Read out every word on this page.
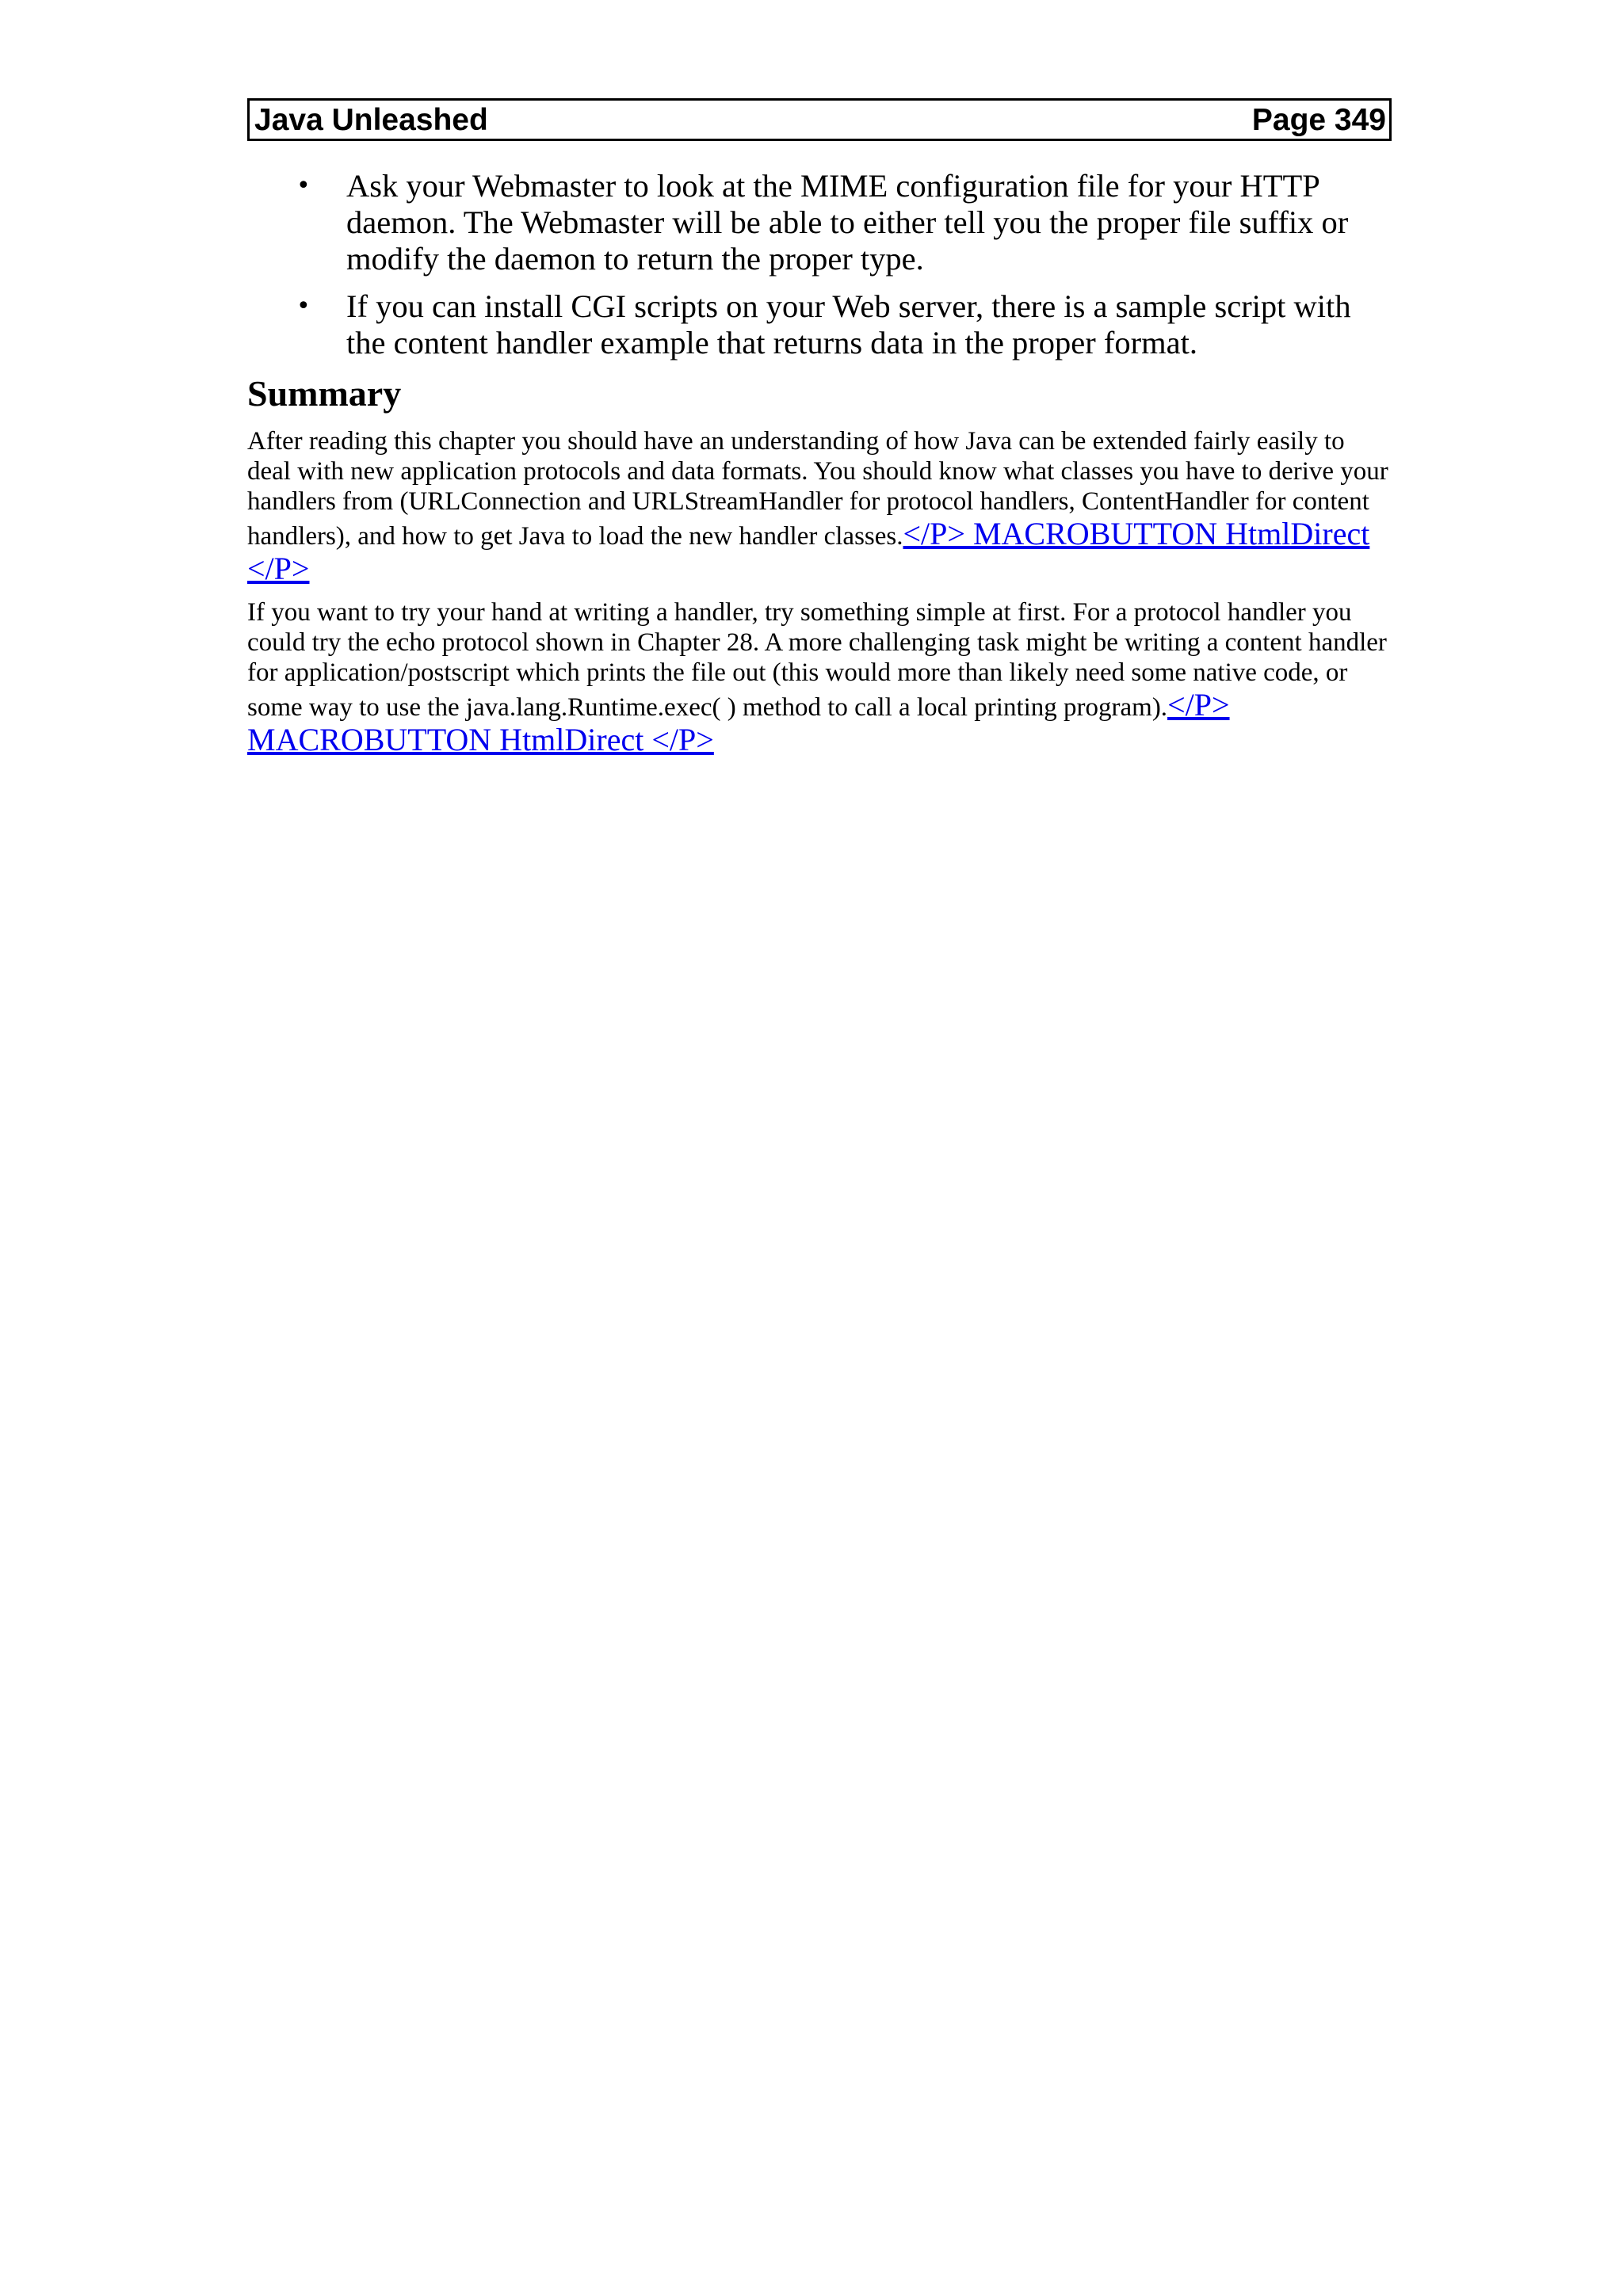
Java Unleashed	Page 349
• Ask your Webmaster to look at the MIME configuration file for your HTTP daemon. The Webmaster will be able to either tell you the proper file suffix or modify the daemon to return the proper type.
• If you can install CGI scripts on your Web server, there is a sample script with the content handler example that returns data in the proper format.
Summary

After reading this chapter you should have an understanding of how Java can be extended fairly easily to deal with new application protocols and data formats. You should know what classes you have to derive your handlers from (URLConnection and URLStreamHandler for protocol handlers, ContentHandler for content handlers), and how to get Java to load the new handler classes.</P> MACROBUTTON HtmlDirect </P>

If you want to try your hand at writing a handler, try something simple at first. For a protocol handler you could try the echo protocol shown in Chapter 28. A more challenging task might be writing a content handler for application/postscript which prints the file out (this would more than likely need some native code, or some way to use the java.lang.Runtime.exec( ) method to call a local printing program).</P> MACROBUTTON HtmlDirect </P>
